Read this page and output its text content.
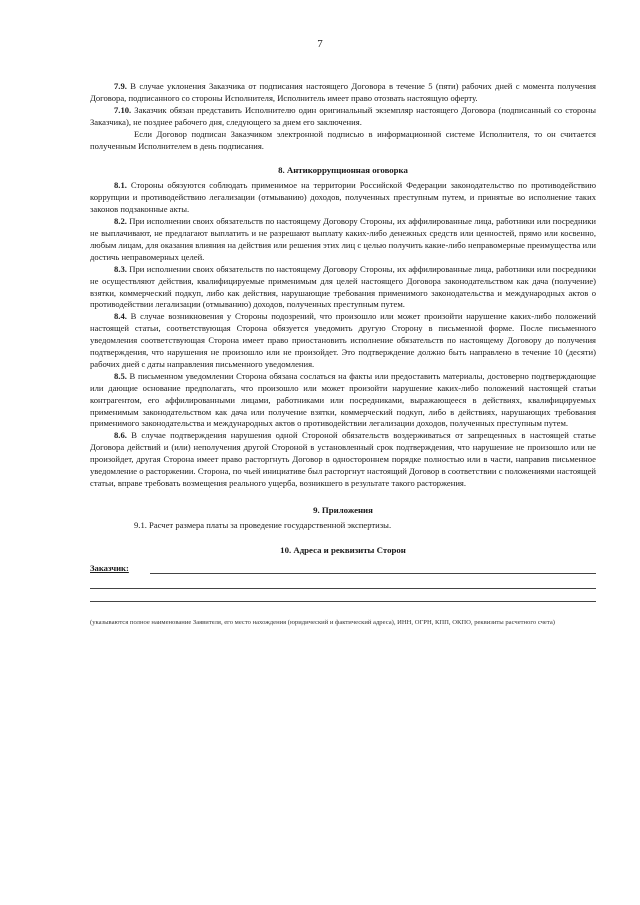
7

7.9. В случае уклонения Заказчика от подписания настоящего Договора в течение 5 (пяти) рабочих дней с момента получения Договора, подписанного со стороны Исполнителя, Исполнитель имеет право отозвать настоящую оферту.

7.10. Заказчик обязан представить Исполнителю один оригинальный экземпляр настоящего Договора (подписанный со стороны Заказчика), не позднее рабочего дня, следующего за днем его заключения.

Если Договор подписан Заказчиком электронной подписью в информационной системе Исполнителя, то он считается полученным Исполнителем в день подписания.

8. Антикоррупционная оговорка

8.1. Стороны обязуются соблюдать применимое на территории Российской Федерации законодательство по противодействию коррупции и противодействию легализации (отмыванию) доходов, полученных преступным путем, и принятые во исполнение таких законов подзаконные акты.

8.2. При исполнении своих обязательств по настоящему Договору Стороны, их аффилированные лица, работники или посредники не выплачивают, не предлагают выплатить и не разрешают выплату каких-либо денежных средств или ценностей, прямо или косвенно, любым лицам, для оказания влияния на действия или решения этих лиц с целью получить какие-либо неправомерные преимущества или достичь неправомерных целей.

8.3. При исполнении своих обязательств по настоящему Договору Стороны, их аффилированные лица, работники или посредники не осуществляют действия, квалифицируемые применимым для целей настоящего Договора законодательством как дача (получение) взятки, коммерческий подкуп, либо как действия, нарушающие требования применимого законодательства и международных актов о противодействии легализации (отмыванию) доходов, полученных преступным путем.

8.4. В случае возникновения у Стороны подозрений, что произошло или может произойти нарушение каких-либо положений настоящей статьи, соответствующая Сторона обязуется уведомить другую Сторону в письменной форме. После письменного уведомления соответствующая Сторона имеет право приостановить исполнение обязательств по настоящему Договору до получения подтверждения, что нарушения не произошло или не произойдет. Это подтверждение должно быть направлено в течение 10 (десяти) рабочих дней с даты направления письменного уведомления.

8.5. В письменном уведомлении Сторона обязана сослаться на факты или предоставить материалы, достоверно подтверждающие или дающие основание предполагать, что произошло или может произойти нарушение каких-либо положений настоящей статьи контрагентом, его аффилированными лицами, работниками или посредниками, выражающееся в действиях, квалифицируемых применимым законодательством как дача или получение взятки, коммерческий подкуп, либо в действиях, нарушающих требования применимого законодательства и международных актов о противодействии легализации доходов, полученных преступным путем.

8.6. В случае подтверждения нарушения одной Стороной обязательств воздерживаться от запрещенных в настоящей статье Договора действий и (или) неполучения другой Стороной в установленный срок подтверждения, что нарушение не произошло или не произойдет, другая Сторона имеет право расторгнуть Договор в одностороннем порядке полностью или в части, направив письменное уведомление о расторжении. Сторона, по чьей инициативе был расторгнут настоящий Договор в соответствии с положениями настоящей статьи, вправе требовать возмещения реального ущерба, возникшего в результате такого расторжения.

9. Приложения

9.1. Расчет размера платы за проведение государственной экспертизы.

10. Адреса и реквизиты Сторон
Заказчик:
(указываются полное наименование Заявителя, его место нахождения (юридический и фактический адреса), ИНН, ОГРН, КПП, ОКПО, реквизиты расчетного счета)
